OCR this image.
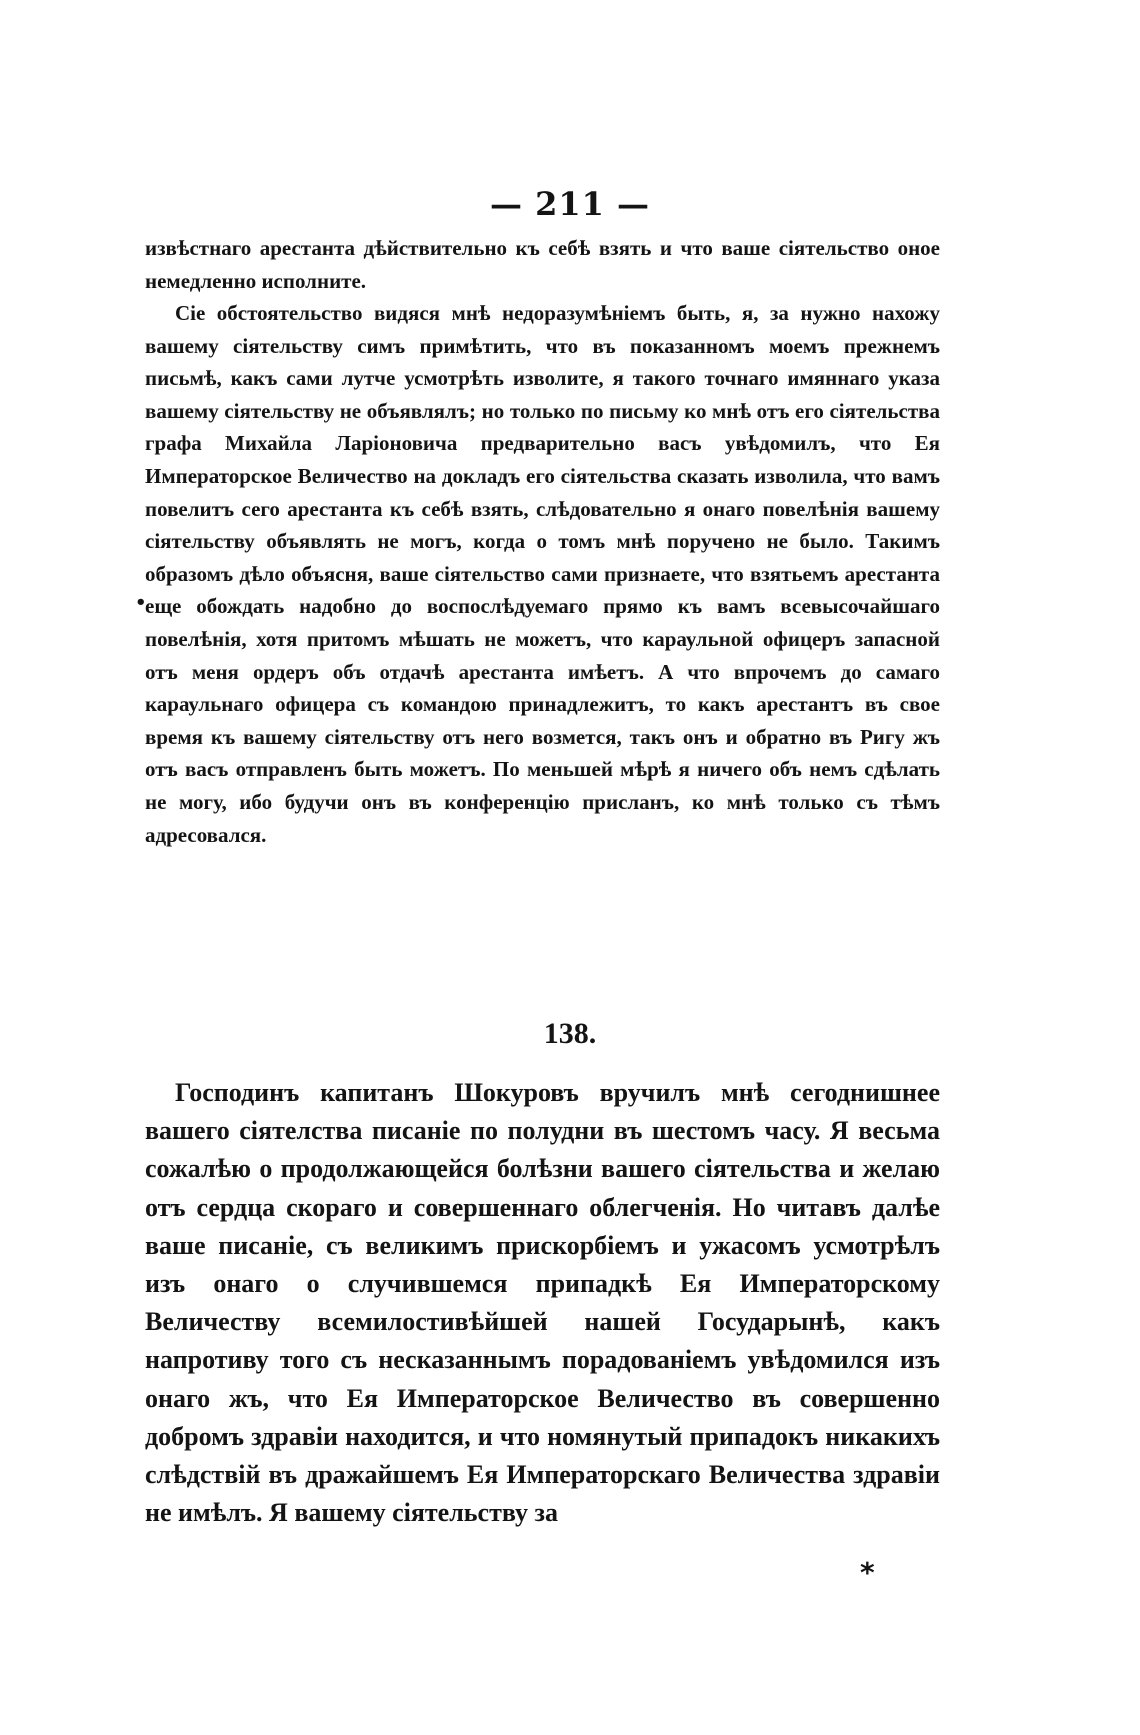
— 211 —

извѣстнаго арестанта дѣйствительно къ себѣ взять и что ваше сіятельство оное немедленно исполните.

Сіе обстоятельство видяся мнѣ недоразумѣніемъ быть, я, за нужно нахожу вашему сіятельству симъ примѣтить, что въ показанномъ моемъ прежнемъ письмѣ, какъ сами лутче усмотрѣть изволите, я такого точнаго имяннаго указа вашему сіятельству не объявлялъ; но только по письму ко мнѣ отъ его сіятельства графа Михайла Ларіоновича предварительно васъ увѣдомилъ, что Ея Императорское Величество на докладъ его сіятельства сказать изволила, что вамъ повелитъ сего арестанта къ себѣ взять, слѣдовательно я онаго повелѣнія вашему сіятельству объявлять не могъ, когда о томъ мнѣ поручено не было. Такимъ образомъ дѣло объясня, ваше сіятельство сами признаете, что взятьемъ арестанта еще обождать надобно до воспослѣдуемаго прямо къ вамъ всевысочайшаго повелѣнія, хотя притомъ мѣшать не можетъ, что караульной офицеръ запасной отъ меня ордеръ объ отдачѣ арестанта имѣетъ. А что впрочемъ до самаго караульнаго офицера съ командою принадлежитъ, то какъ арестантъ въ свое время къ вашему сіятельству отъ него возмется, такъ онъ и обратно въ Ригу жъ отъ васъ отправленъ быть можетъ. По меньшей мѣрѣ я ничего объ немъ сдѣлать не могу, ибо будучи онъ въ конференцію присланъ, ко мнѣ только съ тѣмъ адресовался.

•
138.

Господинъ капитанъ Шокуровъ вручилъ мнѣ сегоднишнее вашего сіятелства писаніе по полудни въ шестомъ часу. Я весьма сожалѣю о продолжающейся болѣзни вашего сіятельства и желаю отъ сердца скораго и совершеннаго облегченія. Но читавъ далѣе ваше писаніе, съ великимъ прискорбіемъ и ужасомъ усмотрѣлъ изъ онаго о случившемся припадкѣ Ея Императорскому Величеству всемилостивѣйшей нашей Государынѣ, какъ напротиву того съ несказаннымъ порадованіемъ увѣдомился изъ онаго жъ, что Ея Императорское Величество въ совершенно добромъ здравіи находится, и что номянутый припадокъ никакихъ слѣдствій въ дражайшемъ Ея Императорскаго Величества здравіи не имѣлъ. Я вашему сіятельству за

*
